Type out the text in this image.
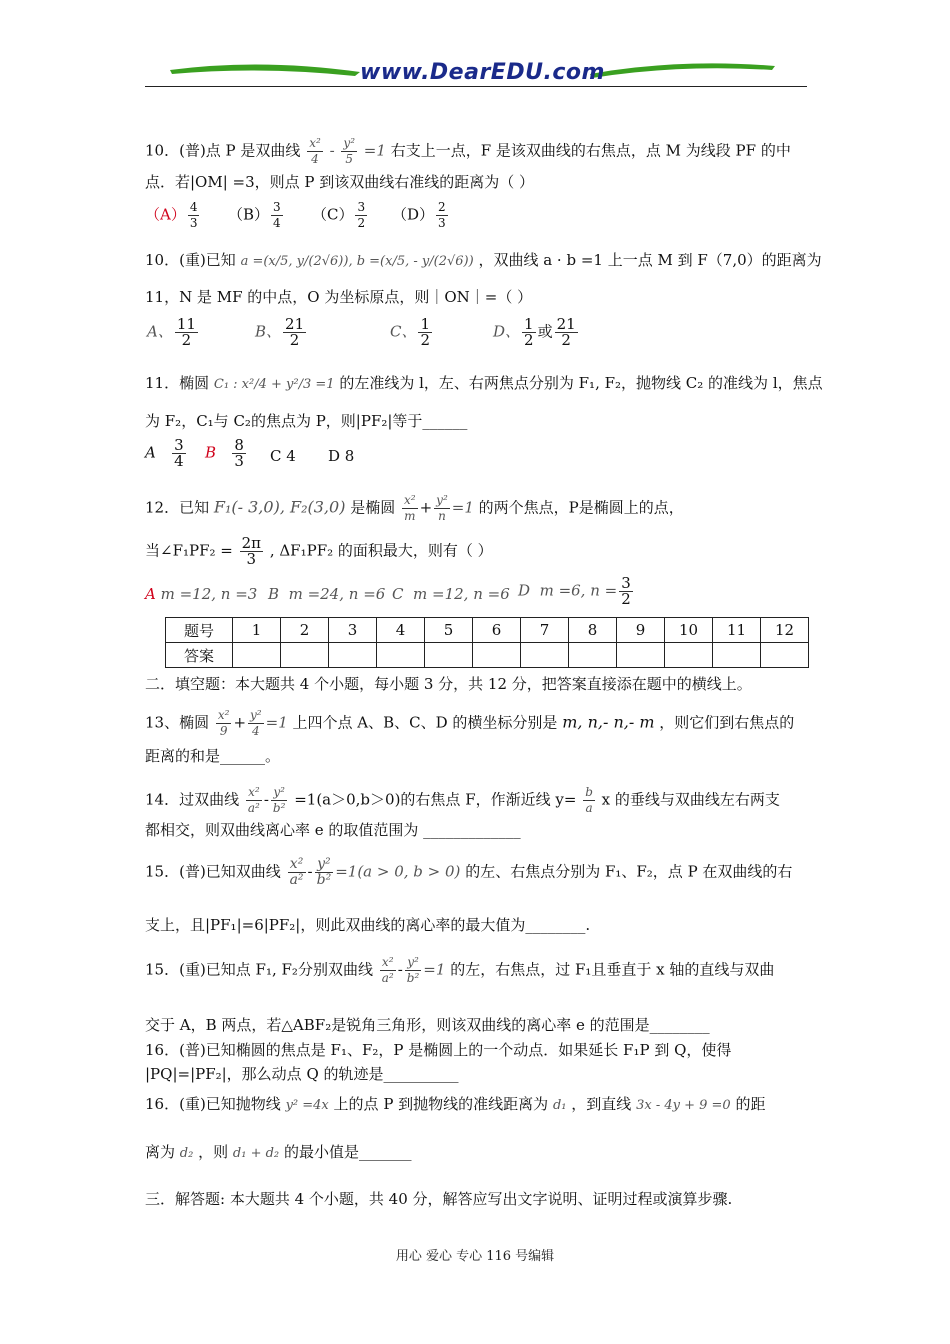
www.DearEDU.com
10．(普)点 P 是双曲线 $\frac{\text{x²}}{4} - \frac{\text{y²}}{5} =1$ 右支上一点，F 是该双曲线的右焦点，点 M 为线段 PF 的中
点．若|OM| =3，则点 P 到该双曲线右准线的距离为（ ）
$(A) \frac{4}{3} (B) \frac{3}{4} (C) \frac{3}{2} (D) \frac{2}{3}$
10．(重)已知 a =(x/5, y/(2√6)), b =(x/5, - y/(2√6)) ，双曲线 a · b =1 上一点 M 到 F（7,0）的距离为
11，N 是 MF 的中点，O 为坐标原点，则｜ON｜=（ ）
A、 $\frac{11}{2}$	B、 $\frac{21}{2}$	C、 $\frac{1}{2}$	D、 $\frac{1}{2}$ 或 $\frac{21}{2}$
11．椭圆 C₁ : x²/4 + y²/3 =1 的左准线为 l，左、右两焦点分别为 F₁, F₂，抛物线 C₂ 的准线为 l，焦点
为 F₂，C₁与 C₂的焦点为 P，则|PF₂|等于______
A $\frac{3}{4}$ B $\frac{8}{3}$ C 4 D 8
12．已知 F₁(- 3,0), F₂(3,0) 是椭圆 $\frac{\text{x²}}{m} + \frac{\text{y²}}{n} =1$ 的两个焦点，P是椭圆上的点，
当∠F₁PF₂ = $\frac{2\pi}{3}$ , ΔF₁PF₂ 的面积最大，则有（ ）
A m =12, n =3 B m =24, n =6 C m =12, n =6 D m =6, $n = \frac{3}{2}$
题号	1	2	3	4	5	6	7	8	9	10	11	12
答案												
二．填空题：本大题共 4 个小题，每小题 3 分，共 12 分，把答案直接添在题中的横线上。
13、椭圆 $\frac{\text{x²}}{9} + \frac{\text{y²}}{4} =1$ 上四个点 A、B、C、D 的横坐标分别是 m, n,- n,- m ，则它们到右焦点的
距离的和是______。
14．过双曲线 $\frac{\text{x²}}{\text{a²}} - \frac{\text{y²}}{\text{b²}} =1(a>0,b>0)$的右焦点 F，作渐近线 $y= \frac{b}{a}$ x 的垂线与双曲线左右两支
都相交，则双曲线离心率 e 的取值范围为 _____________
15．(普)已知双曲线 $\frac{\text{x²}}{\text{a²}} - \frac{\text{y²}}{\text{b²}} =1(a > 0$, b > 0) 的左、右焦点分别为 F₁、F₂，点 P 在双曲线的右
支上，且|PF₁|=6|PF₂|，则此双曲线的离心率的最大值为________.
15．(重)已知点 F₁, F₂分别双曲线 $\frac{\text{x²}}{\text{a²}} - \frac{\text{y²}}{\text{b²}} =1$ 的左，右焦点，过 F₁且垂直于 x 轴的直线与双曲
交于 A，B 两点，若△ABF₂是锐角三角形，则该双曲线的离心率 e 的范围是________
16．(普)已知椭圆的焦点是 F₁、F₂，P 是椭圆上的一个动点．如果延长 F₁P 到 Q，使得
|PQ|=|PF₂|，那么动点 Q 的轨迹是__________
16．(重)已知抛物线 y² =4x 上的点 P 到抛物线的准线距离为 d₁ ，到直线 3x - 4y + 9 =0 的距
离为 d₂ ，则 d₁ + d₂ 的最小值是_______
三．解答题: 本大题共 4 个小题，共 40 分，解答应写出文字说明、证明过程或演算步骤.
用心 爱心 专心 116 号编辑
